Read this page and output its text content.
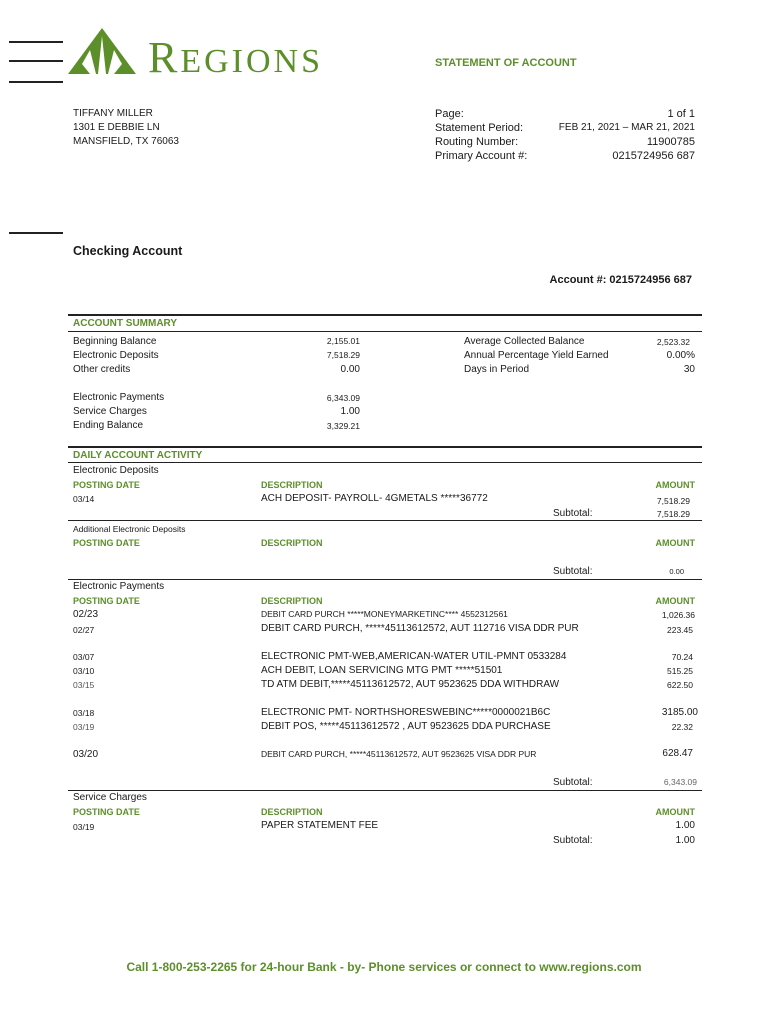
REGIONS	STATEMENT OF ACCOUNT
TIFFANY MILLER
1301 E DEBBIE LN
MANSFIELD, TX 76063
Page:	1 of 1
Statement Period:	FEB 21, 2021 – MAR 21, 2021
Routing Number:	11900785
Primary Account #:	0215724956 687
Checking Account
Account #: 0215724956 687
ACCOUNT SUMMARY
Beginning Balance	2,155.01
Electronic Deposits	7,518.29
Other credits	0.00
Electronic Payments	6,343.09
Service Charges	1.00
Ending Balance	3,329.21
Average Collected Balance	2,523.32
Annual Percentage Yield Earned	0.00%
Days in Period	30
DAILY ACCOUNT ACTIVITY
Electronic Deposits
POSTING DATE	DESCRIPTION	AMOUNT
03/14	ACH DEPOSIT- PAYROLL- 4GMETALS *****36772	7,518.29
Subtotal:	7,518.29
Additional Electronic Deposits
POSTING DATE	DESCRIPTION	AMOUNT
Subtotal:	0.00
Electronic Payments
POSTING DATE	DESCRIPTION	AMOUNT
02/23	DEBIT CARD PURCH *****MONEYMARKETINC**** 4552312561	1,026.36
02/27	DEBIT CARD PURCH, *****45113612572, AUT 112716 VISA DDR PUR	223.45
03/07	ELECTRONIC PMT-WEB,AMERICAN-WATER UTIL-PMNT 0533284	70.24
03/10	ACH DEBIT, LOAN SERVICING MTG PMT *****51501	515.25
03/15	TD ATM DEBIT,*****45113612572, AUT 9523625 DDA WITHDRAW	622.50
03/18	ELECTRONIC PMT- NORTHSHORESWEBINC*****0000021B6C	3185.00
03/19	DEBIT POS, *****45113612572 , AUT 9523625 DDA PURCHASE	22.32
03/20	DEBIT CARD PURCH, *****45113612572, AUT 9523625 VISA DDR PUR	628.47
Subtotal:	6,343.09
Service Charges
POSTING DATE	DESCRIPTION	AMOUNT
03/19	PAPER STATEMENT FEE	1.00
Subtotal:	1.00
Call 1-800-253-2265 for 24-hour Bank - by- Phone services or connect to www.regions.com
